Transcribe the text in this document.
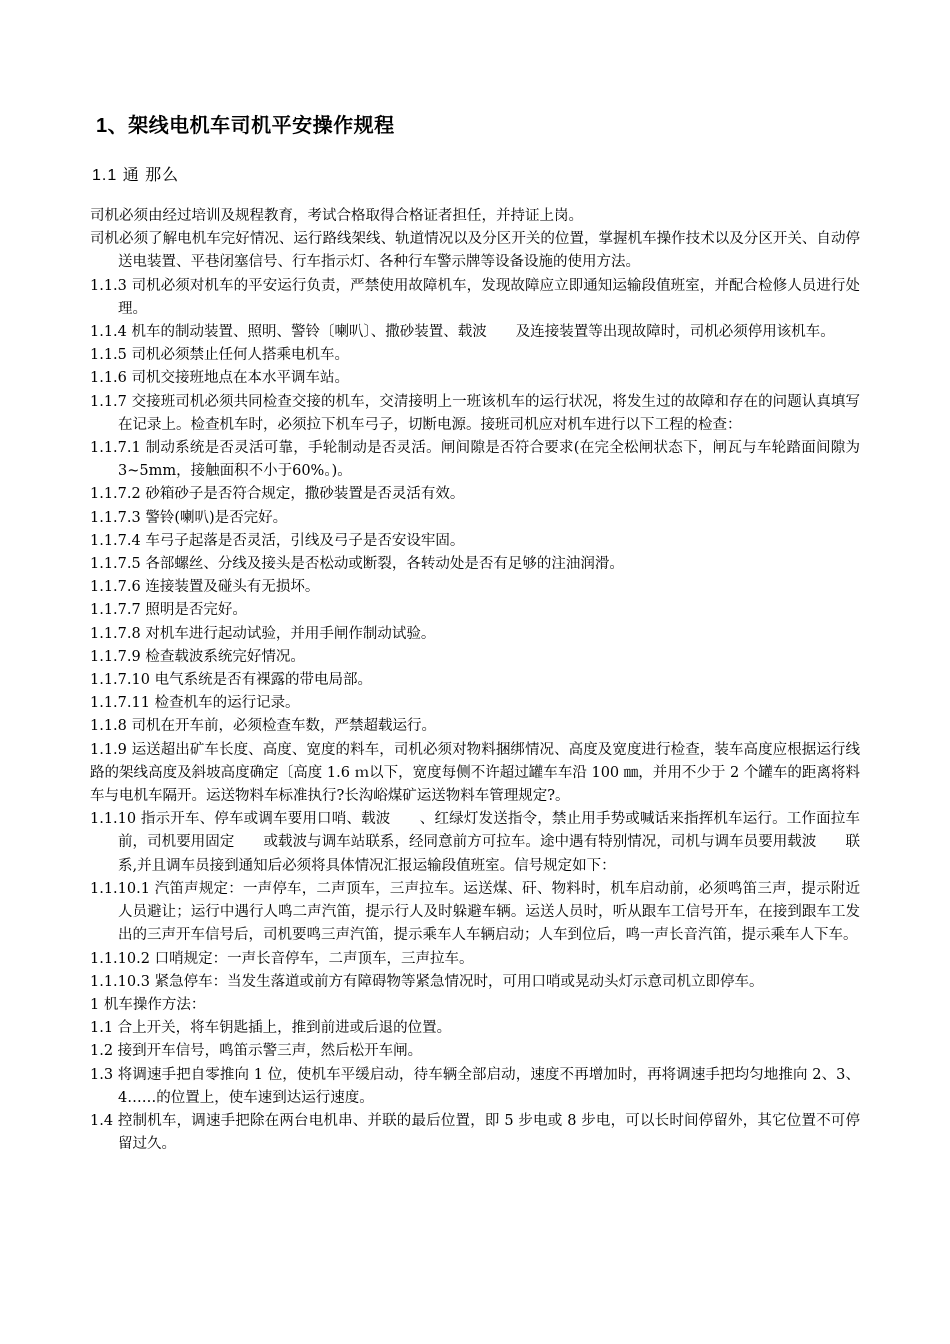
1、架线电机车司机平安操作规程
1.1 通 那么

司机必须由经过培训及规程教育，考试合格取得合格证者担任，并持证上岗。

司机必须了解电机车完好情况、运行路线架线、轨道情况以及分区开关的位置，掌握机车操作技术以及分区开关、自动停送电装置、平巷闭塞信号、行车指示灯、各种行车警示牌等设备设施的使用方法。

1.1.3 司机必须对机车的平安运行负责，严禁使用故障机车，发现故障应立即通知运输段值班室，并配合检修人员进行处理。

1.1.4 机车的制动装置、照明、警铃〔喇叭〕、撒砂装置、载波　　及连接装置等出现故障时，司机必须停用该机车。

1.1.5 司机必须禁止任何人搭乘电机车。

1.1.6 司机交接班地点在本水平调车站。

1.1.7 交接班司机必须共同检查交接的机车，交清接明上一班该机车的运行状况，将发生过的故障和存在的问题认真填写在记录上。检查机车时，必须拉下机车弓子，切断电源。接班司机应对机车进行以下工程的检查：

1.1.7.1 制动系统是否灵活可靠，手轮制动是否灵活。闸间隙是否符合要求(在完全松闸状态下，闸瓦与车轮踏面间隙为3~5mm，接触面积不小于60%。)。

1.1.7.2 砂箱砂子是否符合规定，撒砂装置是否灵活有效。

1.1.7.3 警铃(喇叭)是否完好。

1.1.7.4 车弓子起落是否灵活，引线及弓子是否安设牢固。

1.1.7.5 各部螺丝、分线及接头是否松动或断裂，各转动处是否有足够的注油润滑。

1.1.7.6 连接装置及碰头有无损坏。

1.1.7.7 照明是否完好。

1.1.7.8 对机车进行起动试验，并用手闸作制动试验。

1.1.7.9 检查载波系统完好情况。

1.1.7.10 电气系统是否有裸露的带电局部。

1.1.7.11 检查机车的运行记录。

1.1.8 司机在开车前，必须检查车数，严禁超载运行。

1.1.9 运送超出矿车长度、高度、宽度的料车，司机必须对物料捆绑情况、高度及宽度进行检查，装车高度应根据运行线路的架线高度及斜坡高度确定〔高度 1.6 ｍ以下，宽度每侧不许超过罐车车沿 100 ㎜，并用不少于 2 个罐车的距离将料车与电机车隔开。运送物料车标准执行?长沟峪煤矿运送物料车管理规定?。

1.1.10 指示开车、停车或调车要用口哨、载波　　、红绿灯发送指令，禁止用手势或喊话来指挥机车运行。工作面拉车前，司机要用固定　　或载波与调车站联系，经同意前方可拉车。途中遇有特别情况，司机与调车员要用载波　　联系,并且调车员接到通知后必须将具体情况汇报运输段值班室。信号规定如下：

1.1.10.1 汽笛声规定：一声停车，二声顶车，三声拉车。运送煤、矸、物料时，机车启动前，必须鸣笛三声，提示附近人员避让；运行中遇行人鸣二声汽笛，提示行人及时躲避车辆。运送人员时，听从跟车工信号开车，在接到跟车工发出的三声开车信号后，司机要鸣三声汽笛，提示乘车人车辆启动；人车到位后，鸣一声长音汽笛，提示乘车人下车。

1.1.10.2 口哨规定：一声长音停车，二声顶车，三声拉车。

1.1.10.3 紧急停车：当发生落道或前方有障碍物等紧急情况时，可用口哨或晃动头灯示意司机立即停车。

1 机车操作方法：

1.1 合上开关，将车钥匙插上，推到前进或后退的位置。

1.2 接到开车信号，鸣笛示警三声，然后松开车闸。

1.3 将调速手把自零推向 1 位，使机车平缓启动，待车辆全部启动，速度不再增加时，再将调速手把均匀地推向 2、3、4……的位置上，使车速到达运行速度。

1.4 控制机车，调速手把除在两台电机串、并联的最后位置，即 5 步电或 8 步电，可以长时间停留外，其它位置不可停留过久。
